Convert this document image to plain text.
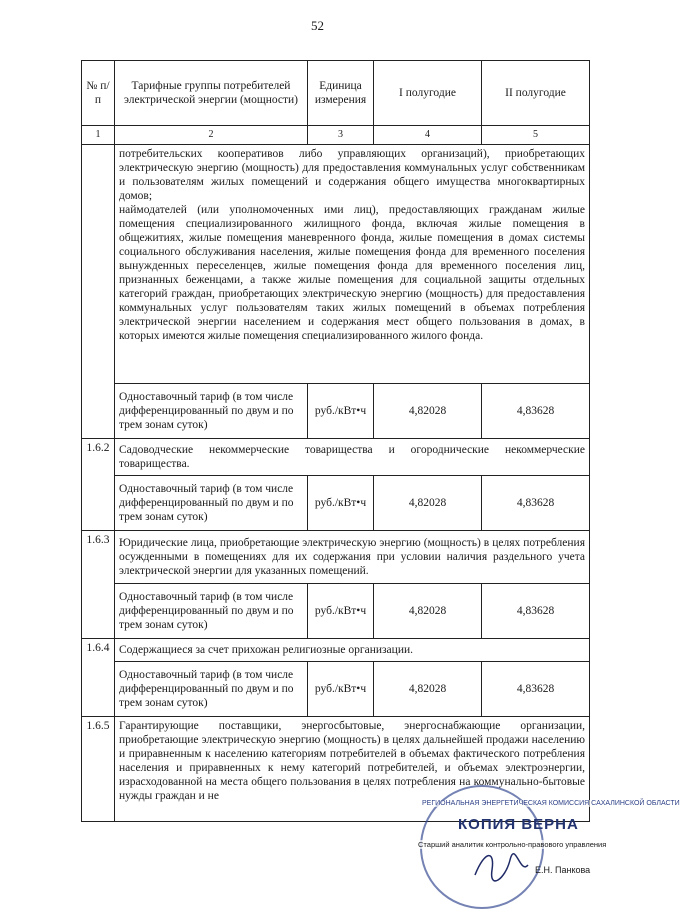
52
№ п/п	Тарифные группы потребителей электрической энергии (мощности)	Единица измерения	I полугодие	II полугодие
1	2	3	4	5
	потребительских кооперативов либо управляющих организаций), приобретающих электрическую энергию (мощность) для предоставления коммунальных услуг собственникам и пользователям жилых помещений и содержания общего имущества многоквартирных домов;
наймодателей (или уполномоченных ими лиц), предоставляющих гражданам жилые помещения специализированного жилищного фонда, включая жилые помещения в общежитиях, жилые помещения маневренного фонда, жилые помещения в домах системы социального обслуживания населения, жилые помещения фонда для временного поселения вынужденных переселенцев, жилые помещения фонда для временного поселения лиц, признанных беженцами, а также жилые помещения для социальной защиты отдельных категорий граждан, приобретающих электрическую энергию (мощность) для предоставления коммунальных услуг пользователям таких жилых помещений в объемах потребления электрической энергии населением и содержания мест общего пользования в домах, в которых имеются жилые помещения специализированного жилого фонда.			
	Одноставочный тариф (в том числе дифференцированный по двум и по трем зонам суток)	руб./кВт•ч	4,82028	4,83628
1.6.2	Садоводческие некоммерческие товарищества и огороднические некоммерческие товарищества.			
	Одноставочный тариф (в том числе дифференцированный по двум и по трем зонам суток)	руб./кВт•ч	4,82028	4,83628
1.6.3	Юридические лица, приобретающие электрическую энергию (мощность) в целях потребления осужденными в помещениях для их содержания при условии наличия раздельного учета электрической энергии для указанных помещений.			
	Одноставочный тариф (в том числе дифференцированный по двум и по трем зонам суток)	руб./кВт•ч	4,82028	4,83628
1.6.4	Содержащиеся за счет прихожан религиозные организации.			
	Одноставочный тариф (в том числе дифференцированный по двум и по трем зонам суток)	руб./кВт•ч	4,82028	4,83628
1.6.5	Гарантирующие поставщики, энергосбытовые, энергоснабжающие организации, приобретающие электрическую энергию (мощность) в целях дальнейшей продажи населению и приравненным к населению категориям потребителей в объемах фактического потребления населения и приравненных к нему категорий потребителей, и объемах электроэнергии, израсходованной на места общего пользования в целях потребления на коммунально-бытовые нужды граждан и не			
РЕГИОНАЛЬНАЯ ЭНЕРГЕТИЧЕСКАЯ КОМИССИЯ САХАЛИНСКОЙ ОБЛАСТИ
КОПИЯ ВЕРНА
Старший аналитик контрольно-правового управления
Е.Н. Панкова
